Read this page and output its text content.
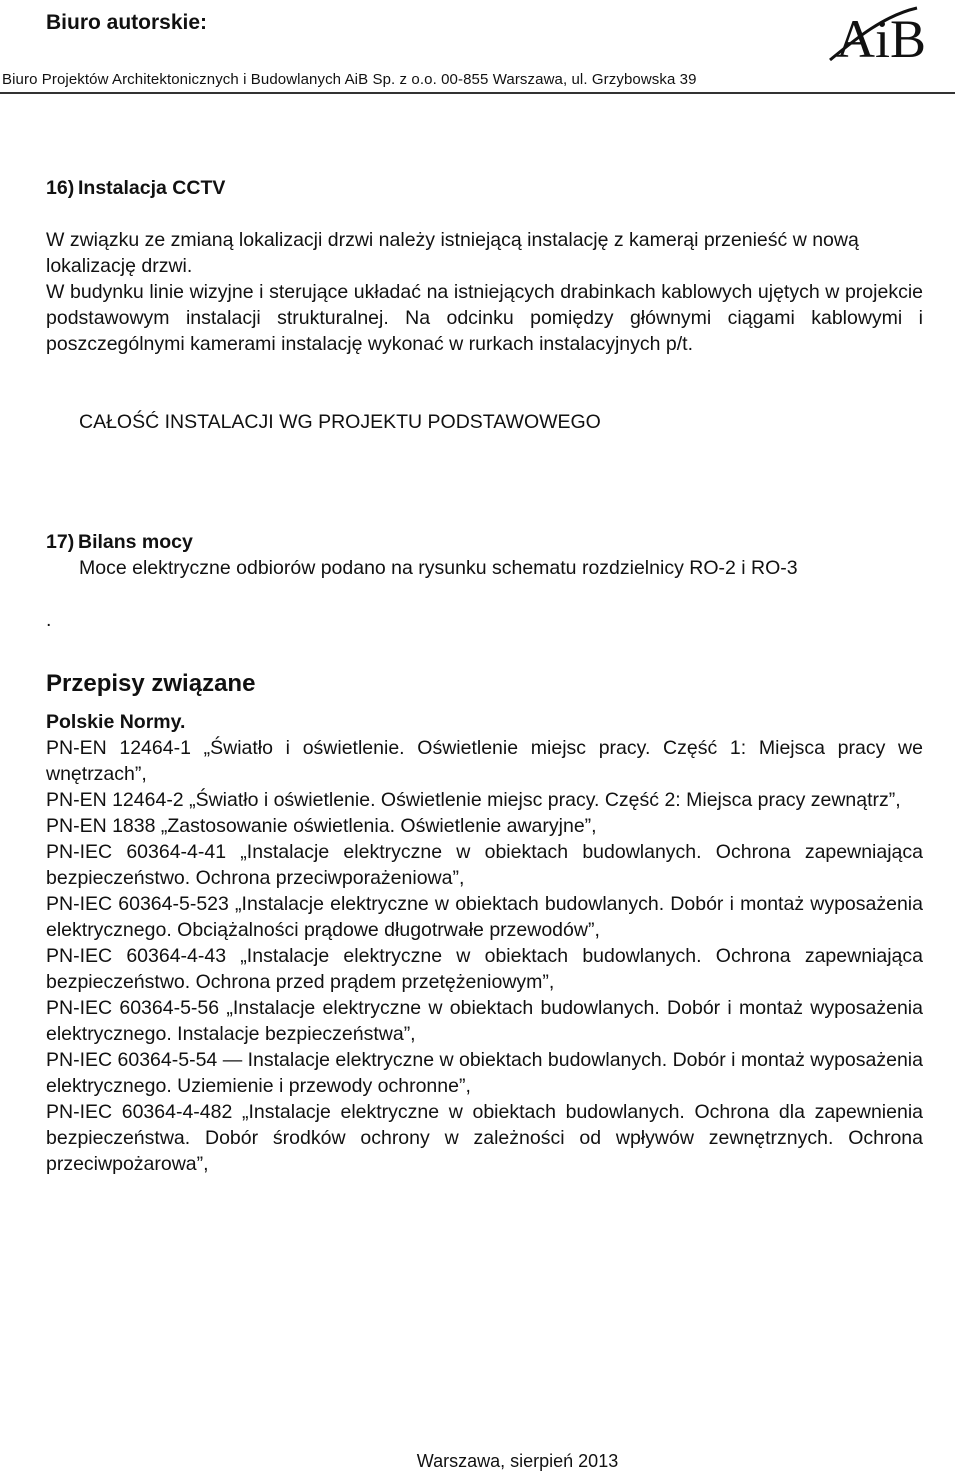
Biuro autorskie:	AiB
Biuro Projektów Architektonicznych i Budowlanych AiB Sp. z o.o. 00-855 Warszawa, ul. Grzybowska 39
16) Instalacja CCTV
W związku ze zmianą lokalizacji drzwi należy istniejącą instalację z kamerąi przenieść w nową lokalizację drzwi.
W budynku linie wizyjne i sterujące układać na istniejących drabinkach kablowych ujętych w projekcie podstawowym instalacji strukturalnej. Na odcinku pomiędzy głównymi ciągami kablowymi i poszczególnymi kamerami instalację wykonać w rurkach instalacyjnych p/t.
CAŁOŚĆ INSTALACJI WG PROJEKTU PODSTAWOWEGO
17) Bilans mocy
Moce elektryczne odbiorów podano na rysunku schematu rozdzielnicy RO-2 i RO-3
.
Przepisy związane
Polskie Normy.
PN-EN 12464-1 „Światło i oświetlenie. Oświetlenie miejsc pracy. Część 1: Miejsca pracy we wnętrzach”,
PN-EN 12464-2 „Światło i oświetlenie. Oświetlenie miejsc pracy. Część 2: Miejsca pracy zewnątrz”,
PN-EN 1838 „Zastosowanie oświetlenia. Oświetlenie awaryjne”,
PN-IEC 60364-4-41 „Instalacje elektryczne w obiektach budowlanych. Ochrona zapewniająca bezpieczeństwo. Ochrona przeciwporażeniowa”,
PN-IEC 60364-5-523 „Instalacje elektryczne w obiektach budowlanych. Dobór i montaż wyposażenia elektrycznego. Obciążalności prądowe długotrwałe przewodów”,
PN-IEC 60364-4-43 „Instalacje elektryczne w obiektach budowlanych. Ochrona zapewniająca bezpieczeństwo. Ochrona przed prądem przetężeniowym”,
PN-IEC 60364-5-56 „Instalacje elektryczne w obiektach budowlanych. Dobór i montaż wyposażenia elektrycznego. Instalacje bezpieczeństwa”,
PN-IEC 60364-5-54 — Instalacje elektryczne w obiektach budowlanych. Dobór i montaż wyposażenia elektrycznego. Uziemienie i przewody ochronne”,
PN-IEC 60364-4-482 „Instalacje elektryczne w obiektach budowlanych. Ochrona dla zapewnienia bezpieczeństwa. Dobór środków ochrony w zależności od wpływów zewnętrznych. Ochrona przeciwpożarowa”,
Warszawa, sierpień 2013
